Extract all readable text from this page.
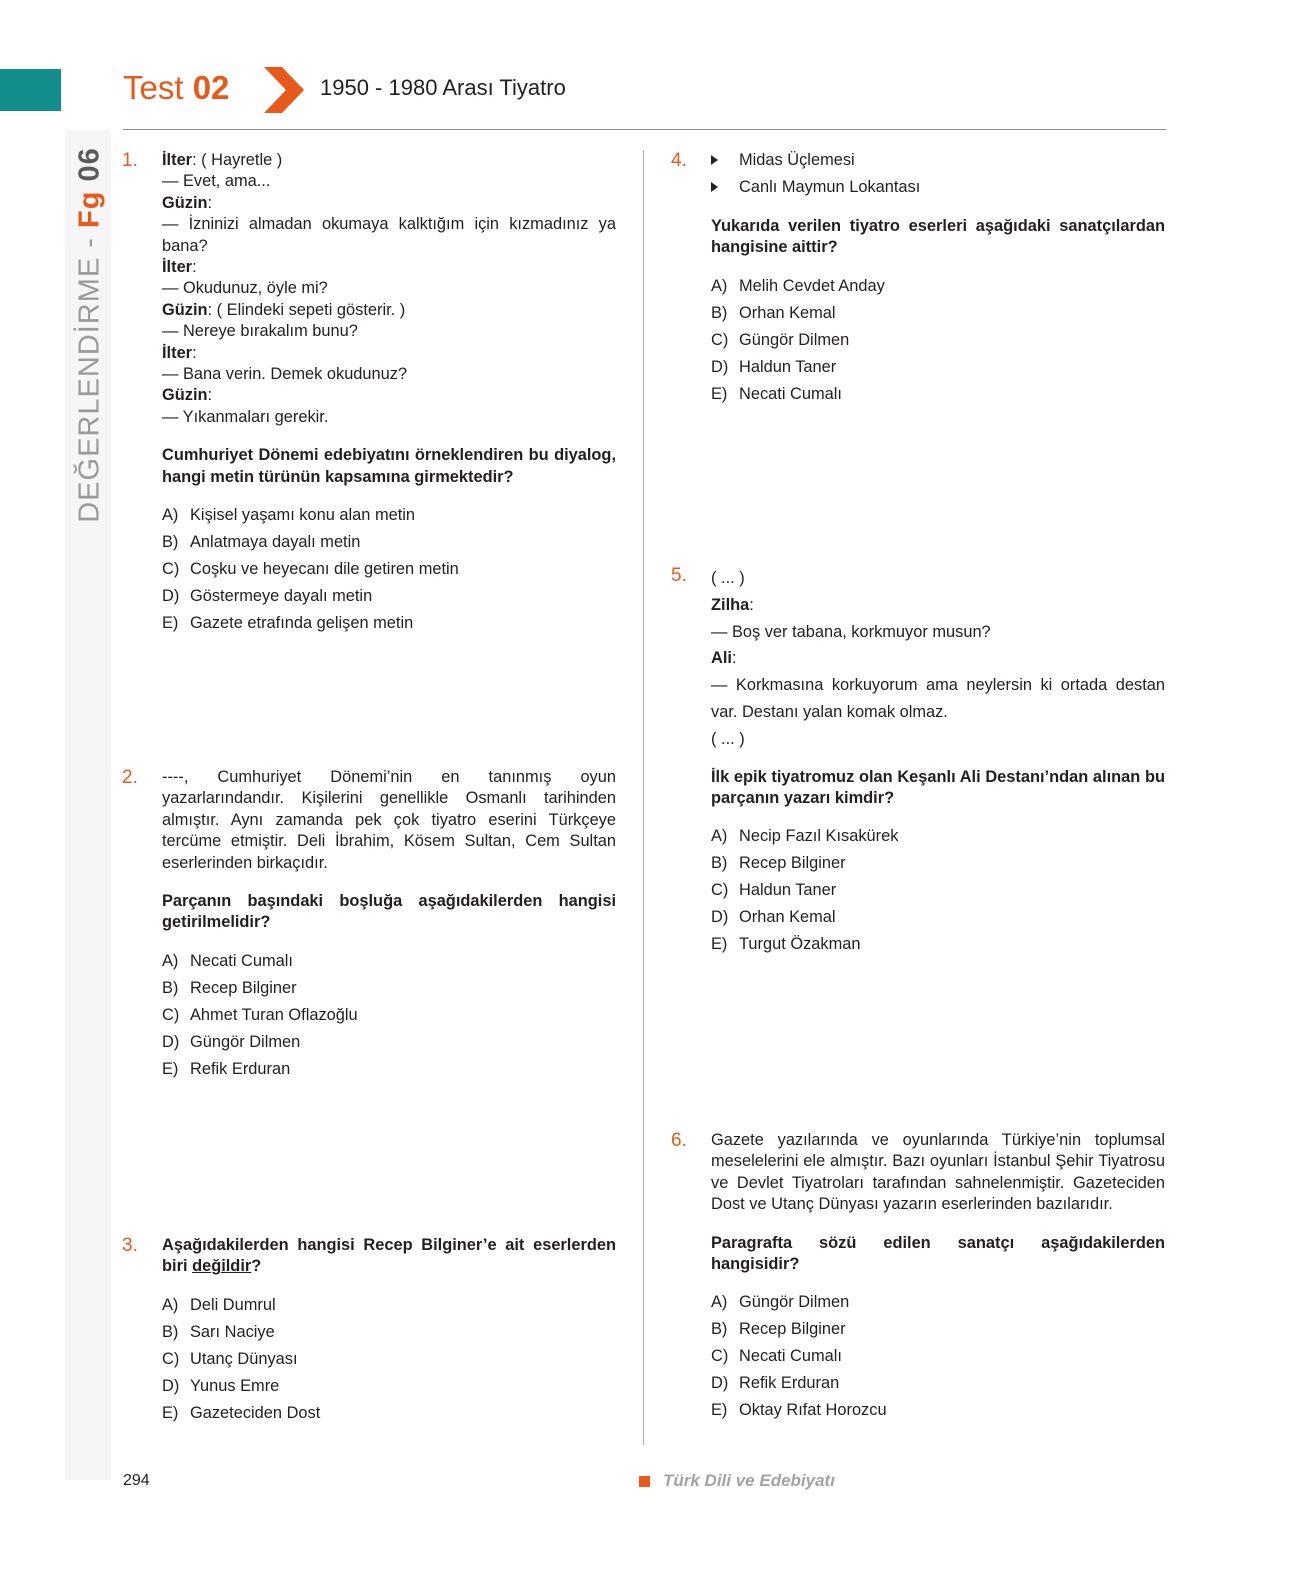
DEĞERLENDİRME - Fg 06
Test 02	1950 - 1980 Arası Tiyatro
1. İlter: ( Hayretle )
— Evet, ama...
Güzin:
— İzninizi almadan okumaya kalktığım için kızmadınız ya bana?
İlter:
— Okudunuz, öyle mi?
Güzin: ( Elindeki sepeti gösterir. )
— Nereye bırakalım bunu?
İlter:
— Bana verin. Demek okudunuz?
Güzin:
— Yıkanmaları gerekir.
Cumhuriyet Dönemi edebiyatını örneklendiren bu diyalog, hangi metin türünün kapsamına girmektedir?
A) Kişisel yaşamı konu alan metin
B) Anlatmaya dayalı metin
C) Coşku ve heyecanı dile getiren metin
D) Göstermeye dayalı metin
E) Gazete etrafında gelişen metin
2. ----, Cumhuriyet Dönemi’nin en tanınmış oyun yazarlarındandır. Kişilerini genellikle Osmanlı tarihinden almıştır. Aynı zamanda pek çok tiyatro eserini Türkçeye tercüme etmiştir. Deli İbrahim, Kösem Sultan, Cem Sultan eserlerinden birkaçıdır.
Parçanın başındaki boşluğa aşağıdakilerden hangisi getirilmelidir?
A) Necati Cumalı
B) Recep Bilginer
C) Ahmet Turan Oflazoğlu
D) Güngör Dilmen
E) Refik Erduran
3. Aşağıdakilerden hangisi Recep Bilginer’e ait eserlerden biri değildir?
A) Deli Dumrul
B) Sarı Naciye
C) Utanç Dünyası
D) Yunus Emre
E) Gazeteciden Dost
4.	Midas Üçlemesi
Canlı Maymun Lokantası
Yukarıda verilen tiyatro eserleri aşağıdaki sanatçılardan hangisine aittir?
A) Melih Cevdet Anday
B) Orhan Kemal
C) Güngör Dilmen
D) Haldun Taner
E) Necati Cumalı
5. ( ... )
Zilha:
— Boş ver tabana, korkmuyor musun?
Ali:
— Korkmasına korkuyorum ama neylersin ki ortada destan var. Destanı yalan komak olmaz.
( ... )
İlk epik tiyatromuz olan Keşanlı Ali Destanı’ndan alınan bu parçanın yazarı kimdir?
A) Necip Fazıl Kısakürek
B) Recep Bilginer
C) Haldun Taner
D) Orhan Kemal
E) Turgut Özakman
6. Gazete yazılarında ve oyunlarında Türkiye’nin toplumsal meselelerini ele almıştır. Bazı oyunları İstanbul Şehir Tiyatrosu ve Devlet Tiyatroları tarafından sahnelenmiştir. Gazeteciden Dost ve Utanç Dünyası yazarın eserlerinden bazılarıdır.
Paragrafta sözü edilen sanatçı aşağıdakilerden hangisidir?
A) Güngör Dilmen
B) Recep Bilginer
C) Necati Cumalı
D) Refik Erduran
E) Oktay Rıfat Horozcu
294	Türk Dili ve Edebiyatı
